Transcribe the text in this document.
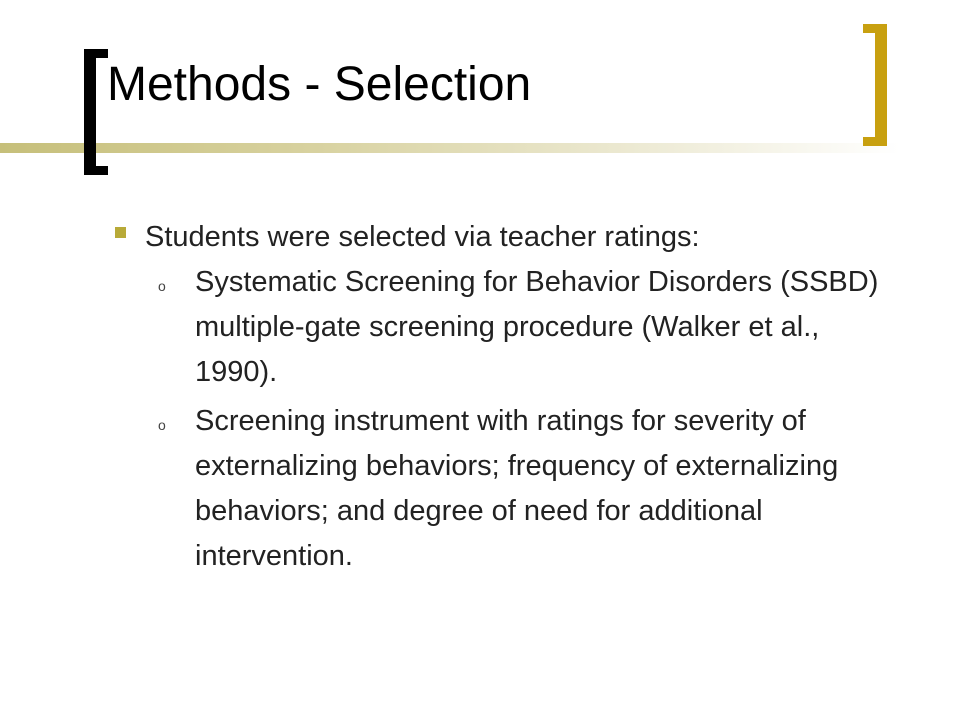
Methods - Selection
Students were selected via teacher ratings:
o Systematic Screening for Behavior Disorders (SSBD) multiple-gate screening procedure (Walker et al., 1990).
o Screening instrument with ratings for severity of externalizing behaviors; frequency of externalizing behaviors; and degree of need for additional intervention.
